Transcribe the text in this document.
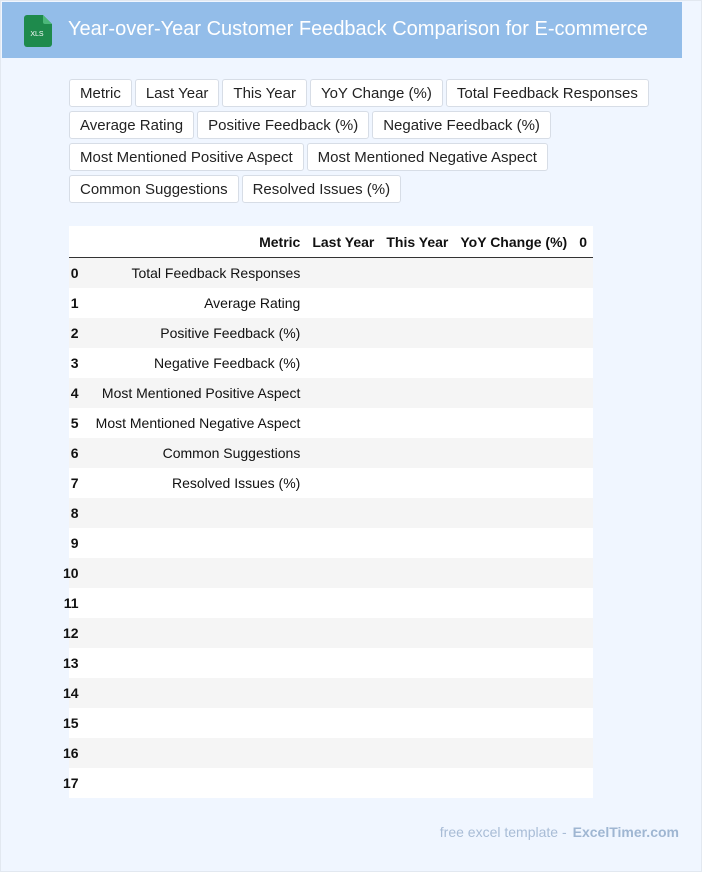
XLS Year-over-Year Customer Feedback Comparison for E-commerce
Metric	Last Year	This Year	YoY Change (%)	Total Feedback Responses
Average Rating	Positive Feedback (%)	Negative Feedback (%)
Most Mentioned Positive Aspect	Most Mentioned Negative Aspect
Common Suggestions	Resolved Issues (%)
	Metric	Last Year	This Year	YoY Change (%)	0
0	Total Feedback Responses				
1	Average Rating				
2	Positive Feedback (%)				
3	Negative Feedback (%)				
4	Most Mentioned Positive Aspect				
5	Most Mentioned Negative Aspect				
6	Common Suggestions				
7	Resolved Issues (%)				
8					
9					
10					
11					
12					
13					
14					
15					
16					
17					
free excel template - ExcelTimer.com
